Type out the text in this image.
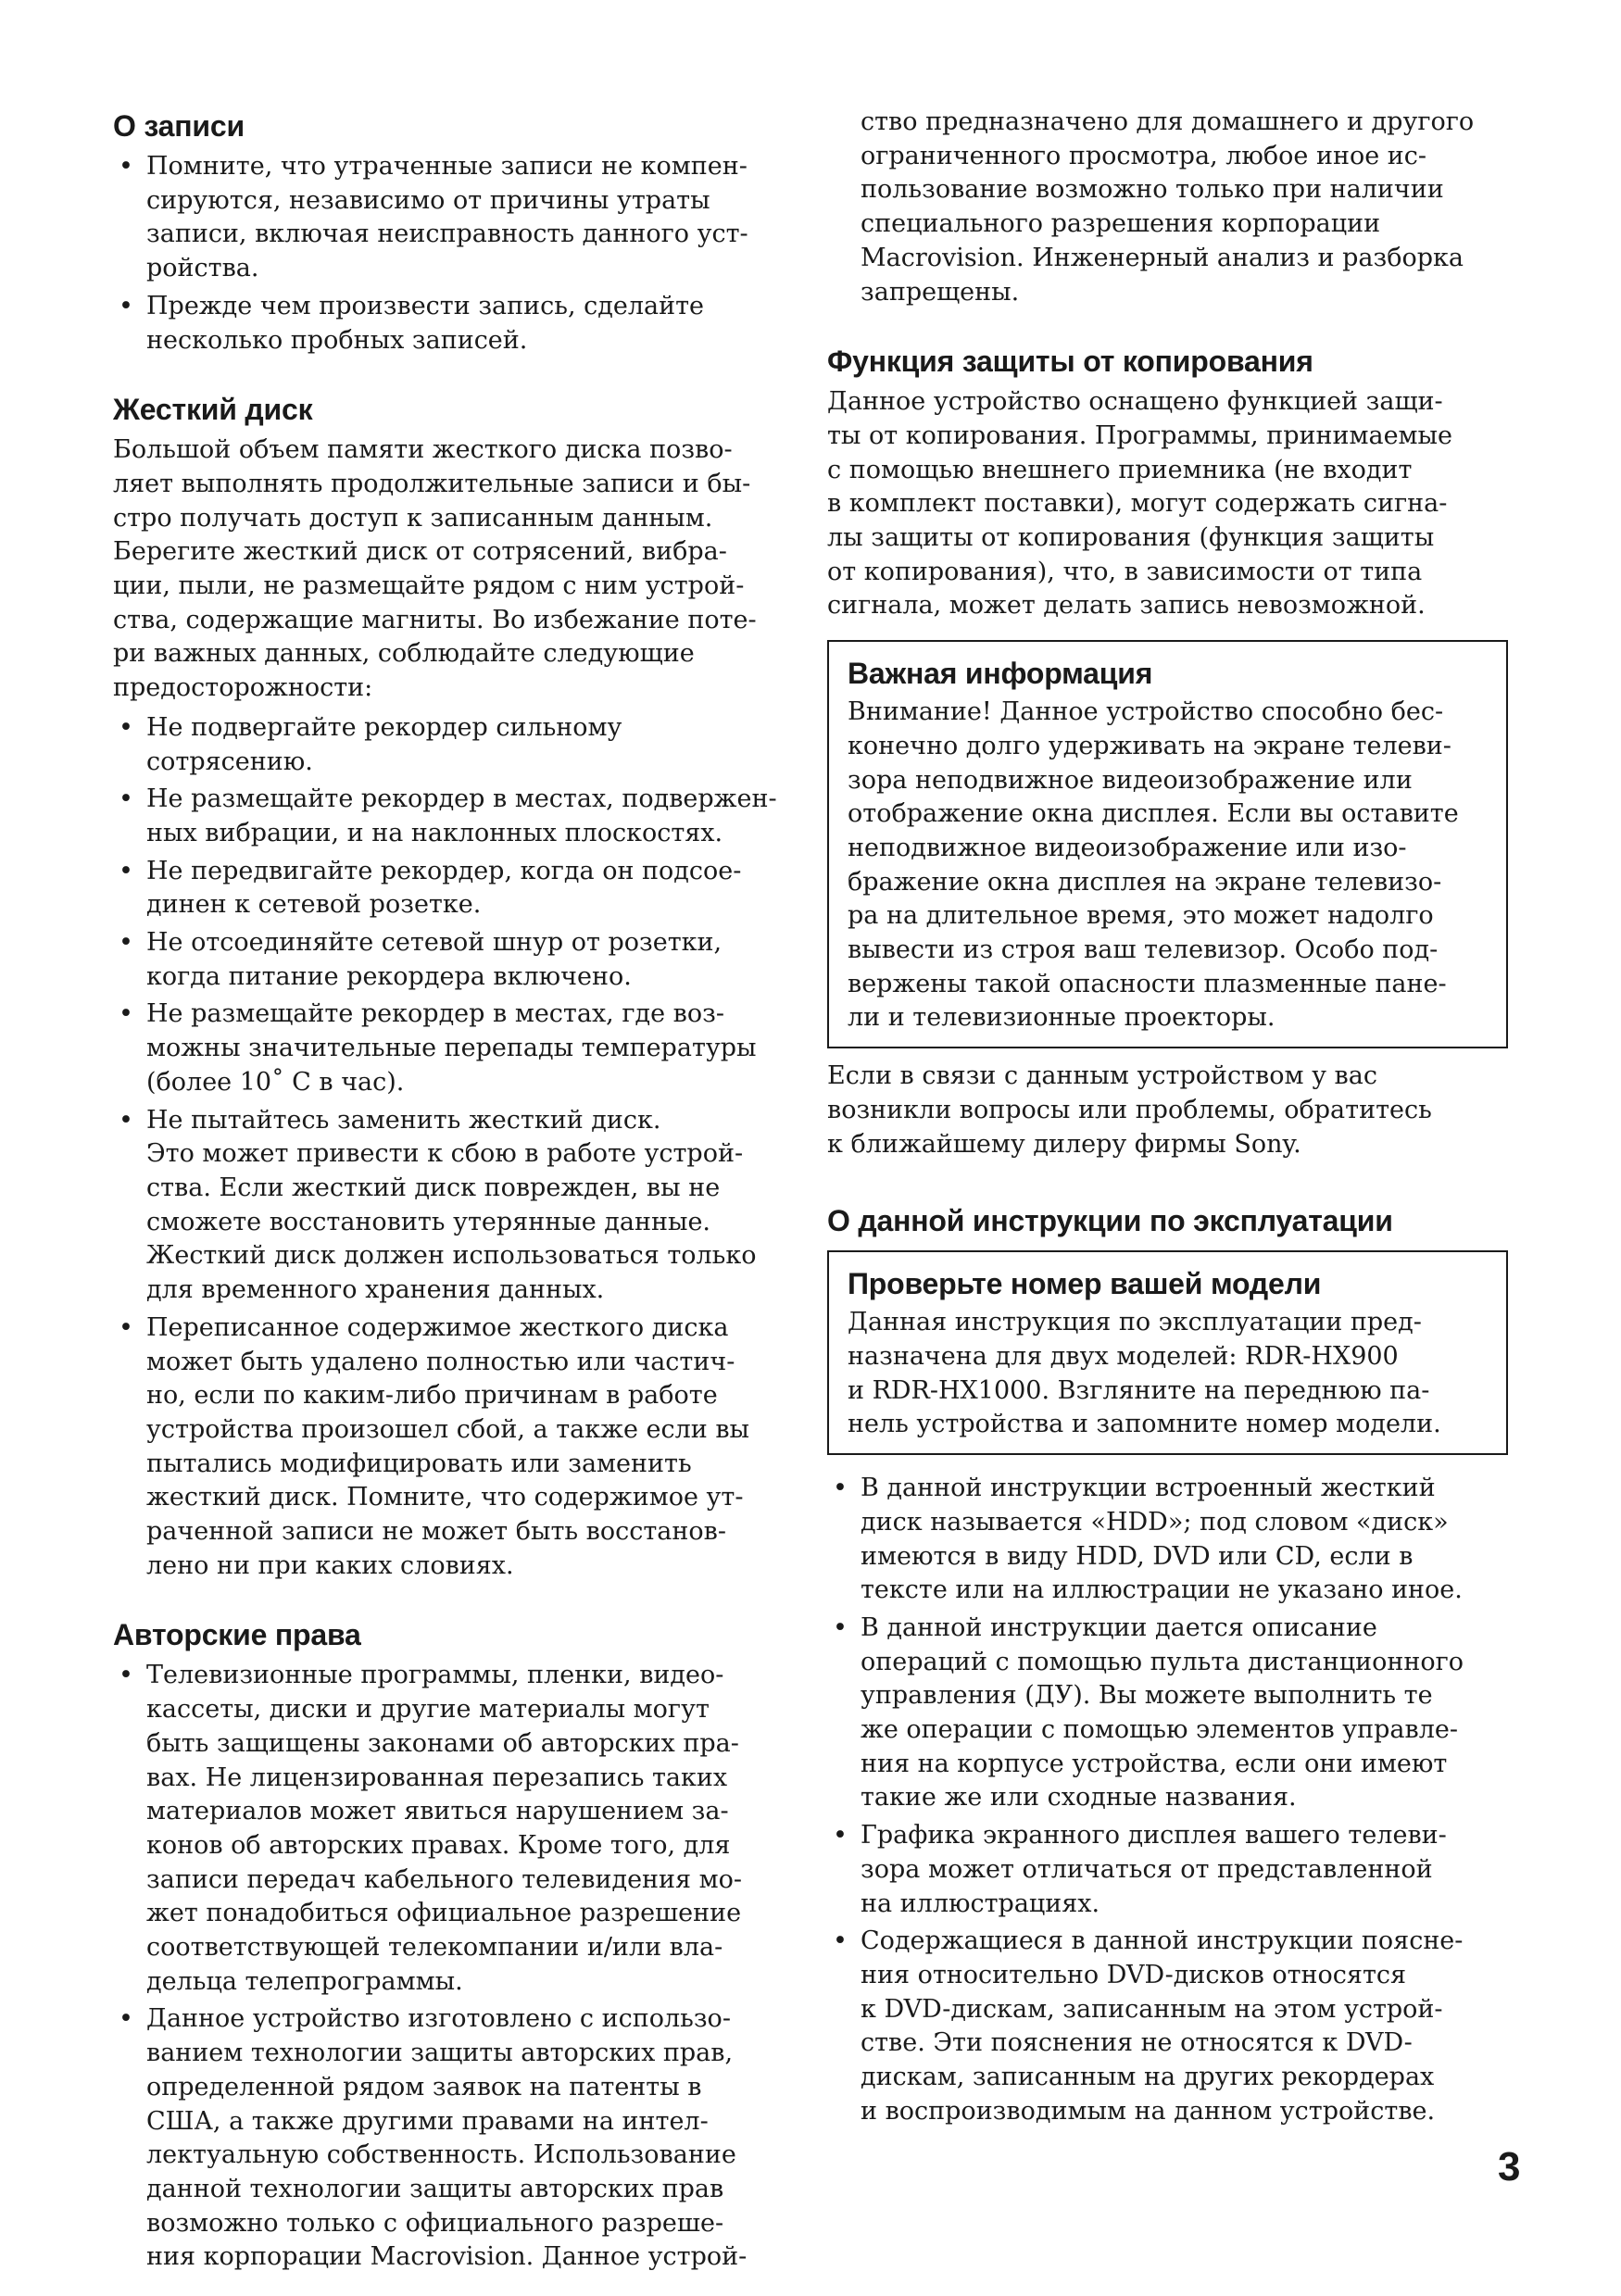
О записи
• Помните, что утраченные записи не компен-
сируются, независимо от причины утраты
записи, включая неисправность данного уст-
ройства.
• Прежде чем произвести запись, сделайте
несколько пробных записей.
Жесткий диск

Большой объем памяти жесткого диска позво-
ляет выполнять продолжительные записи и бы-
стро получать доступ к записанным данным.
Берегите жесткий диск от сотрясений, вибра-
ции, пыли, не размещайте рядом с ним устрой-
ства, содержащие магниты. Во избежание поте-
ри важных данных, соблюдайте следующие
предосторожности:

• Не подвергайте рекордер сильному сотрясению.
• Не размещайте рекордер в местах, подвержен-
ных вибрации, и на наклонных плоскостях.
• Не передвигайте рекордер, когда он подсое-
динен к сетевой розетке.
• Не отсоединяйте сетевой шнур от розетки,
когда питание рекордера включено.
• Не размещайте рекордер в местах, где воз-
можны значительные перепады температуры
(более 10˚ C в час).
• Не пытайтесь заменить жесткий диск.
Это может привести к сбою в работе устрой-
ства. Если жесткий диск поврежден, вы не
сможете восстановить утерянные данные.
Жесткий диск должен использоваться только
для временного хранения данных.
• Переписанное содержимое жесткого диска
может быть удалено полностью или частич-
но, если по каким-либо причинам в работе
устройства произошел сбой, а также если вы
пытались модифицировать или заменить
жесткий диск. Помните, что содержимое ут-
раченной записи не может быть восстанов-
лено ни при каких словиях.
Авторские права
• Телевизионные программы, пленки, видео-
кассеты, диски и другие материалы могут
быть защищены законами об авторских пра-
вах. Не лицензированная перезапись таких
материалов может явиться нарушением за-
конов об авторских правах. Кроме того, для
записи передач кабельного телевидения мо-
жет понадобиться официальное разрешение
соответствующей телекомпании и/или вла-
дельца телепрограммы.
• Данное устройство изготовлено с использо-
ванием технологии защиты авторских прав,
определенной рядом заявок на патенты в
США, а также другими правами на интел-
лектуальную собственность. Использование
данной технологии защиты авторских прав
возможно только с официального разреше-
ния корпорации Macrovision. Данное устрой-

ство предназначено для домашнего и другого
ограниченного просмотра, любое иное ис-
пользование возможно только при наличии
специального разрешения корпорации
Macrovision. Инженерный анализ и разборка
запрещены.

Функция защиты от копирования

Данное устройство оснащено функцией защи-
ты от копирования. Программы, принимаемые
с помощью внешнего приемника (не входит
в комплект поставки), могут содержать сигна-
лы защиты от копирования (функция защиты
от копирования), что, в зависимости от типа
сигнала, может делать запись невозможной.

Важная информация

Внимание! Данное устройство способно бес-
конечно долго удерживать на экране телеви-
зора неподвижное видеоизображение или
отображение окна дисплея. Если вы оставите
неподвижное видеоизображение или изо-
бражение окна дисплея на экране телевизо-
ра на длительное время, это может надолго
вывести из строя ваш телевизор. Особо под-
вержены такой опасности плазменные пане-
ли и телевизионные проекторы.

Если в связи с данным устройством у вас
возникли вопросы или проблемы, обратитесь
к ближайшему дилеру фирмы Sony.

О данной инструкции по эксплуатации
Проверьте номер вашей модели

Данная инструкция по эксплуатации пред-
назначена для двух моделей: RDR-HX900
и RDR-HX1000. Взгляните на переднюю па-
нель устройства и запомните номер модели.

• В данной инструкции встроенный жесткий
диск называется «HDD»; под словом «диск»
имеются в виду HDD, DVD или CD, если в
тексте или на иллюстрации не указано иное.
• В данной инструкции дается описание
операций с помощью пульта дистанционного
управления (ДУ). Вы можете выполнить те
же операции с помощью элементов управле-
ния на корпусе устройства, если они имеют
такие же или сходные названия.
• Графика экранного дисплея вашего телеви-
зора может отличаться от представленной
на иллюстрациях.
• Содержащиеся в данной инструкции поясне-
ния относительно DVD-дисков относятся
к DVD-дискам, записанным на этом устрой-
стве. Эти пояснения не относятся к DVD-
дискам, записанным на других рекордерах
и воспроизводимым на данном устройстве.
3
